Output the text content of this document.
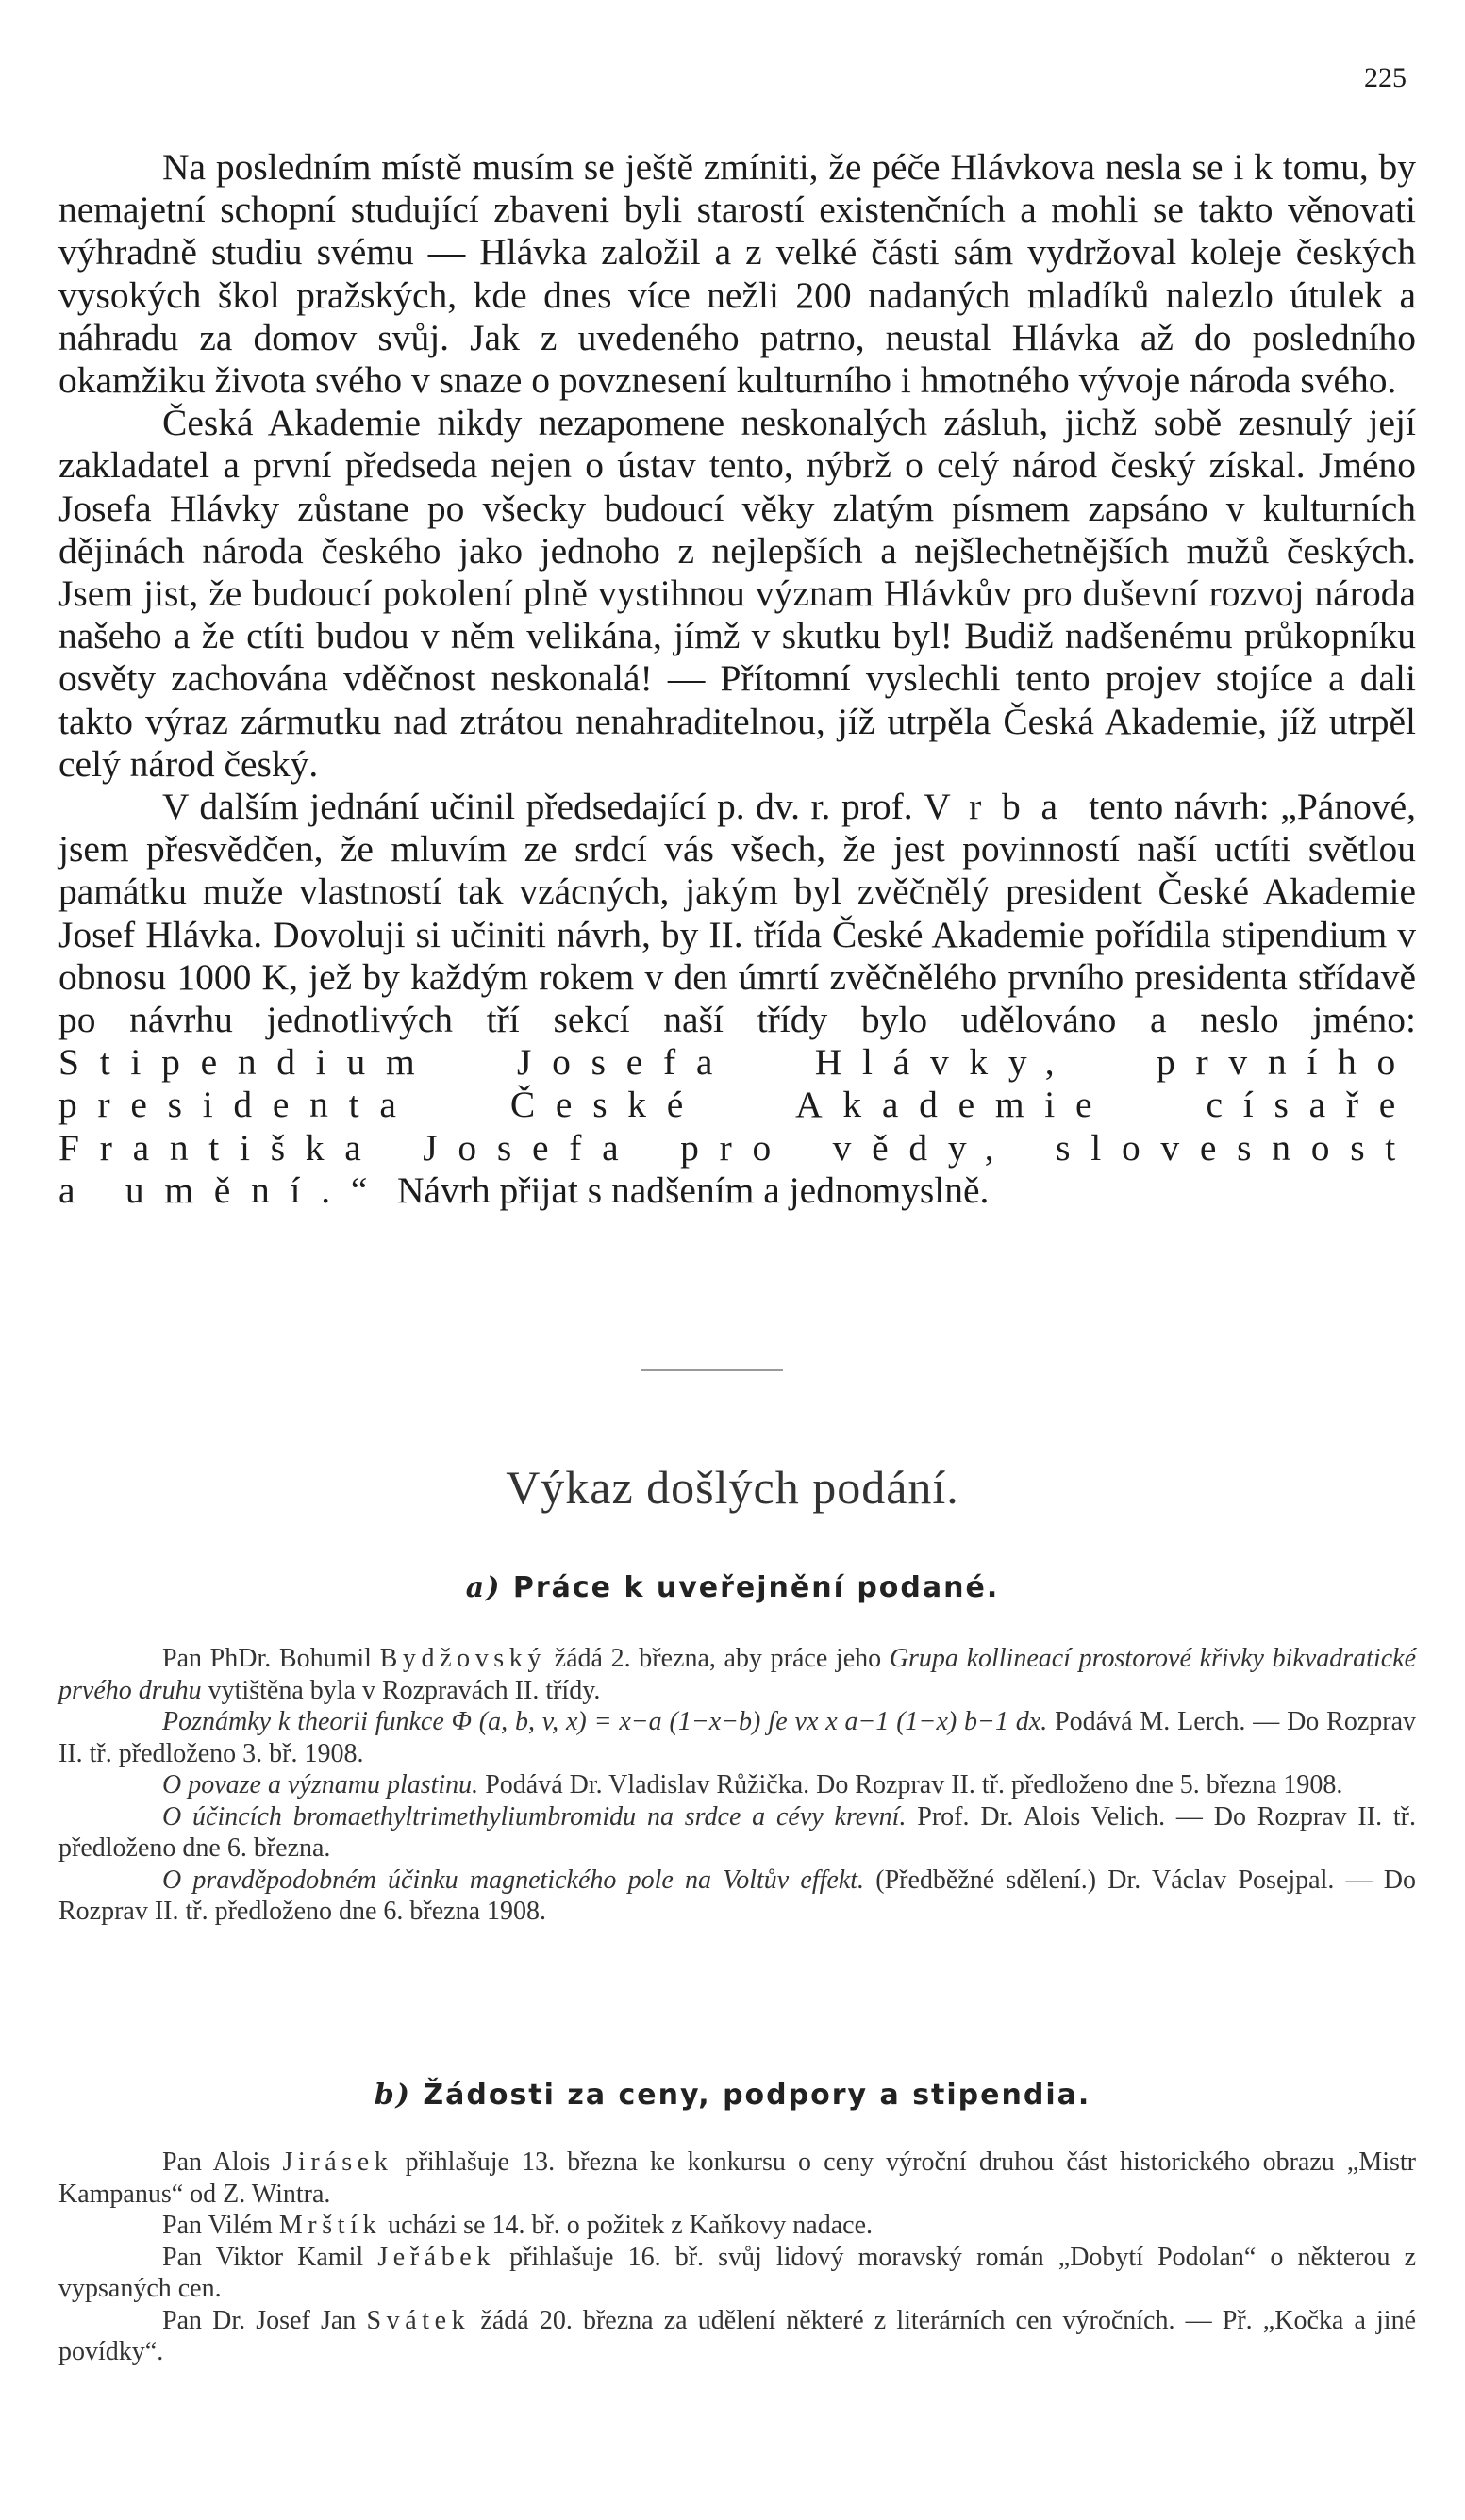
225

Na posledním místě musím se ještě zmíniti, že péče Hlávkova nesla se i k tomu, by nemajetní schopní studující zbaveni byli starostí existenčních a mohli se takto věnovati výhradně studiu svému — Hlávka založil a z velké části sám vydržoval koleje českých vysokých škol pražských, kde dnes více nežli 200 nadaných mladíků nalezlo útulek a náhradu za domov svůj. Jak z uvedeného patrno, neustal Hlávka až do posledního okamžiku života svého v snaze o povznesení kulturního i hmotného vývoje národa svého.

Česká Akademie nikdy nezapomene neskonalých zásluh, jichž sobě zesnulý její zakladatel a první předseda nejen o ústav tento, nýbrž o celý národ český získal. Jméno Josefa Hlávky zůstane po všecky budoucí věky zlatým písmem zapsáno v kulturních dějinách národa českého jako jednoho z nejlepších a nejšlechetnějších mužů českých. Jsem jist, že budoucí pokolení plně vystihnou význam Hlávkův pro duševní rozvoj národa našeho a že ctíti budou v něm velikána, jímž v skutku byl! Budiž nadšenému průkopníku osvěty zachována vděčnost neskonalá! — Přítomní vyslechli tento projev stojíce a dali takto výraz zármutku nad ztrátou nenahraditelnou, jíž utrpěla Česká Akademie, jíž utrpěl celý národ český.

V dalším jednání učinil předsedající p. dv. r. prof. Vrba tento návrh: „Pánové, jsem přesvědčen, že mluvím ze srdcí vás všech, že jest povinností naší uctíti světlou památku muže vlastností tak vzácných, jakým byl zvěčnělý president České Akademie Josef Hlávka. Dovoluji si učiniti návrh, by II. třída České Akademie pořídila stipendium v obnosu 1000 K, jež by každým rokem v den úmrtí zvěčnělého prvního presidenta střídavě po návrhu jednotlivých tří sekcí naší třídy bylo udělováno a neslo jméno: Stipendium Josefa Hlávky, prvního presidenta České Akademie císaře Františka Josefa pro vědy, slovesnost a umění.“ Návrh přijat s nadšením a jednomyslně.

Výkaz došlých podání.
a) Práce k uveřejnění podané.

Pan PhDr. Bohumil Bydžovský žádá 2. března, aby práce jeho Grupa kollineací prostorové křivky bikvadratické prvého druhu vytištěna byla v Rozpravách II. třídy.

Poznámky k theorii funkce Φ (a, b, v, x) = x−a (1−x−b) ʃe vx x a−1 (1−x) b−1 dx. Podává M. Lerch. — Do Rozprav II. tř. předloženo 3. bř. 1908.

O povaze a významu plastinu. Podává Dr. Vladislav Růžička. Do Rozprav II. tř. předloženo dne 5. března 1908.

O účincích bromaethyltrimethyliumbromidu na srdce a cévy krevní. Prof. Dr. Alois Velich. — Do Rozprav II. tř. předloženo dne 6. března.

O pravděpodobném účinku magnetického pole na Voltův effekt. (Předběžné sdělení.) Dr. Václav Posejpal. — Do Rozprav II. tř. předloženo dne 6. března 1908.

b) Žádosti za ceny, podpory a stipendia.

Pan Alois Jirásek přihlašuje 13. března ke konkursu o ceny výroční druhou část historického obrazu „Mistr Kampanus“ od Z. Wintra.

Pan Vilém Mrštík ucházi se 14. bř. o požitek z Kaňkovy nadace.

Pan Viktor Kamil Jeřábek přihlašuje 16. bř. svůj lidový moravský román „Dobytí Podolan“ o některou z vypsaných cen.

Pan Dr. Josef Jan Svátek žádá 20. března za udělení některé z literárních cen výročních. — Př. „Kočka a jiné povídky“.
